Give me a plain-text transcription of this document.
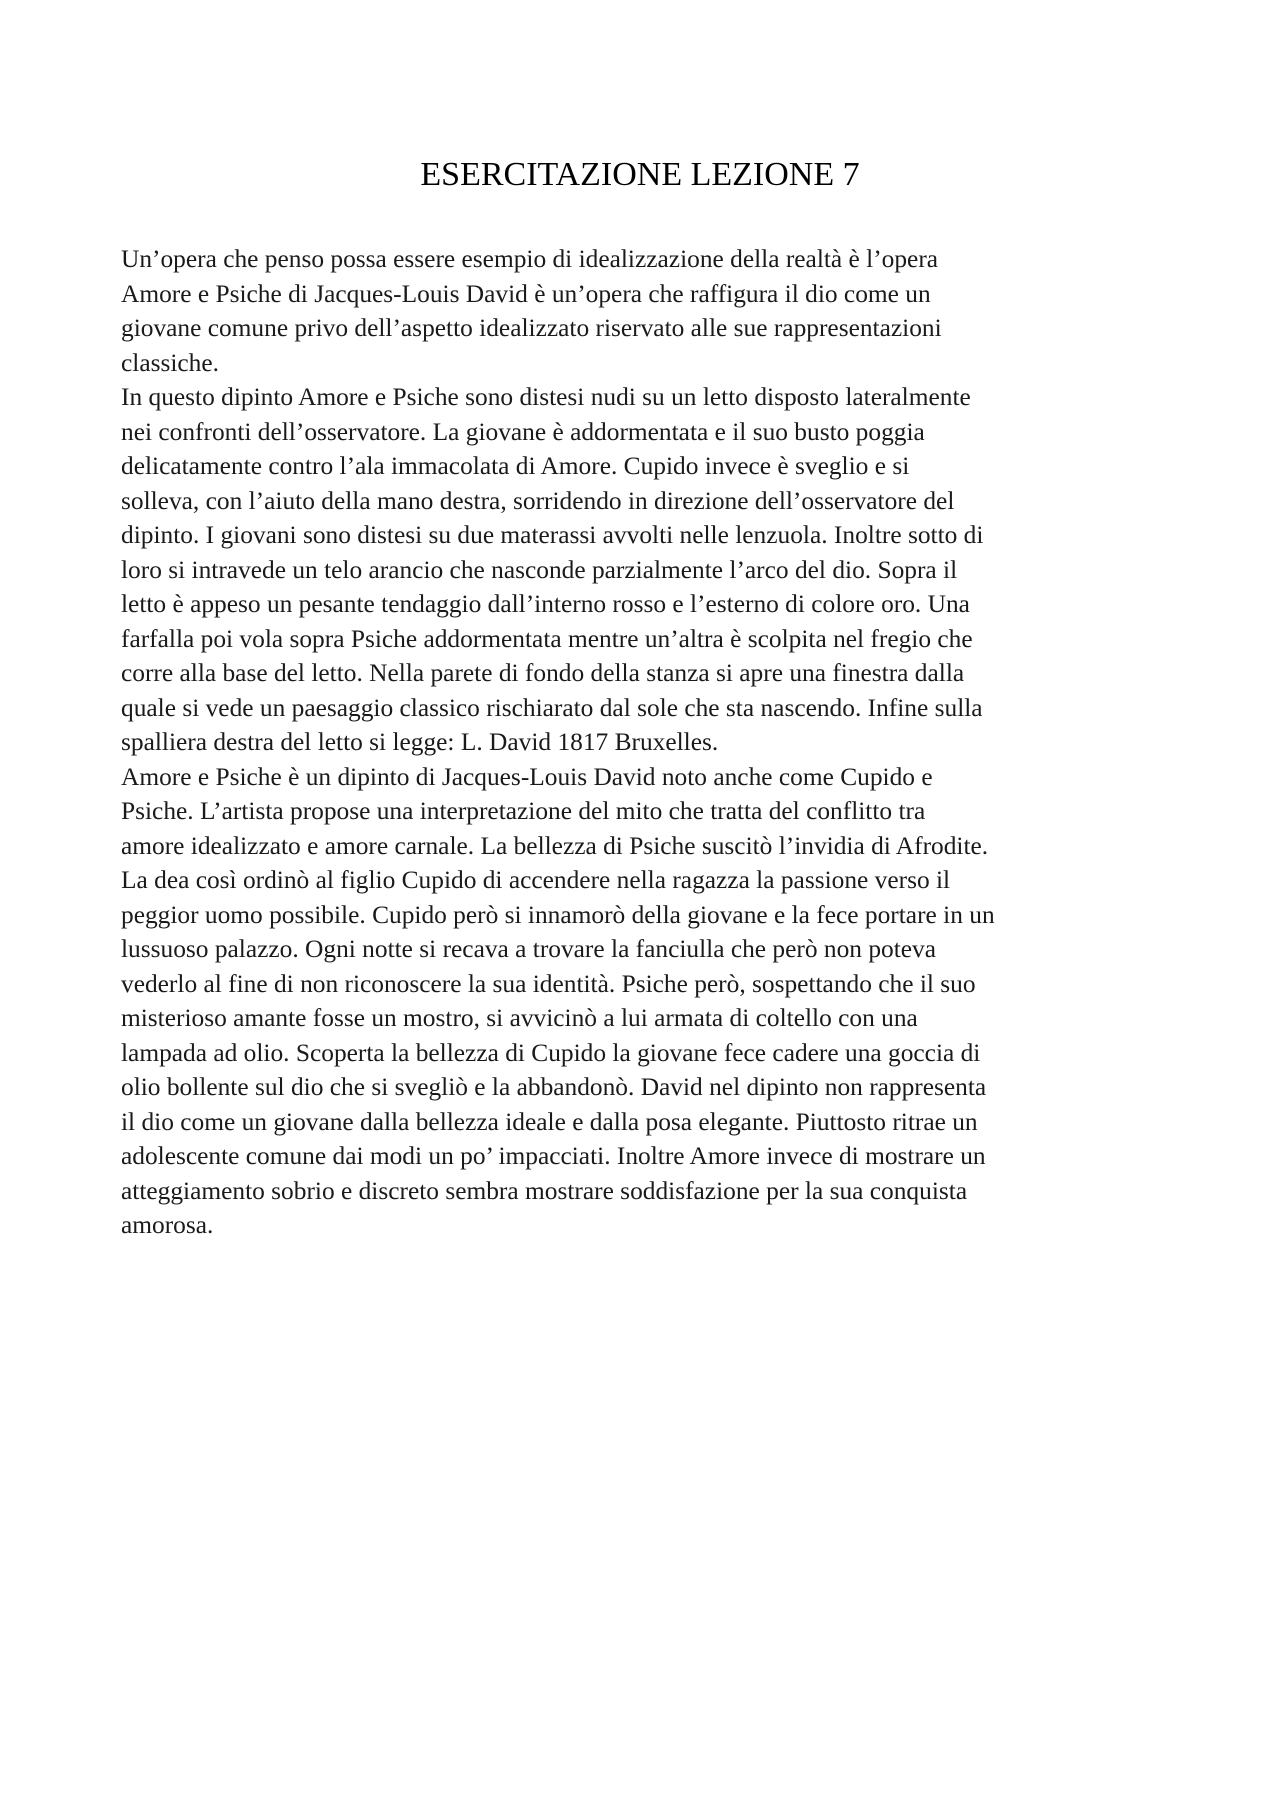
ESERCITAZIONE LEZIONE 7

Un’opera che penso possa essere esempio di idealizzazione della realtà è l’opera
Amore e Psiche di Jacques-Louis David è un’opera che raffigura il dio come un
giovane comune privo dell’aspetto idealizzato riservato alle sue rappresentazioni
classiche.

In questo dipinto Amore e Psiche sono distesi nudi su un letto disposto lateralmente
nei confronti dell’osservatore. La giovane è addormentata e il suo busto poggia
delicatamente contro l’ala immacolata di Amore. Cupido invece è sveglio e si
solleva, con l’aiuto della mano destra, sorridendo in direzione dell’osservatore del
dipinto. I giovani sono distesi su due materassi avvolti nelle lenzuola. Inoltre sotto di
loro si intravede un telo arancio che nasconde parzialmente l’arco del dio. Sopra il
letto è appeso un pesante tendaggio dall’interno rosso e l’esterno di colore oro. Una
farfalla poi vola sopra Psiche addormentata mentre un’altra è scolpita nel fregio che
corre alla base del letto. Nella parete di fondo della stanza si apre una finestra dalla
quale si vede un paesaggio classico rischiarato dal sole che sta nascendo. Infine sulla
spalliera destra del letto si legge: L. David 1817 Bruxelles.

Amore e Psiche è un dipinto di Jacques-Louis David noto anche come Cupido e
Psiche. L’artista propose una interpretazione del mito che tratta del conflitto tra
amore idealizzato e amore carnale. La bellezza di Psiche suscitò l’invidia di Afrodite.
La dea così ordinò al figlio Cupido di accendere nella ragazza la passione verso il
peggior uomo possibile. Cupido però si innamorò della giovane e la fece portare in un
lussuoso palazzo. Ogni notte si recava a trovare la fanciulla che però non poteva
vederlo al fine di non riconoscere la sua identità. Psiche però, sospettando che il suo
misterioso amante fosse un mostro, si avvicinò a lui armata di coltello con una
lampada ad olio. Scoperta la bellezza di Cupido la giovane fece cadere una goccia di
olio bollente sul dio che si svegliò e la abbandonò. David nel dipinto non rappresenta
il dio come un giovane dalla bellezza ideale e dalla posa elegante. Piuttosto ritrae un
adolescente comune dai modi un po’ impacciati. Inoltre Amore invece di mostrare un
atteggiamento sobrio e discreto sembra mostrare soddisfazione per la sua conquista
amorosa.
